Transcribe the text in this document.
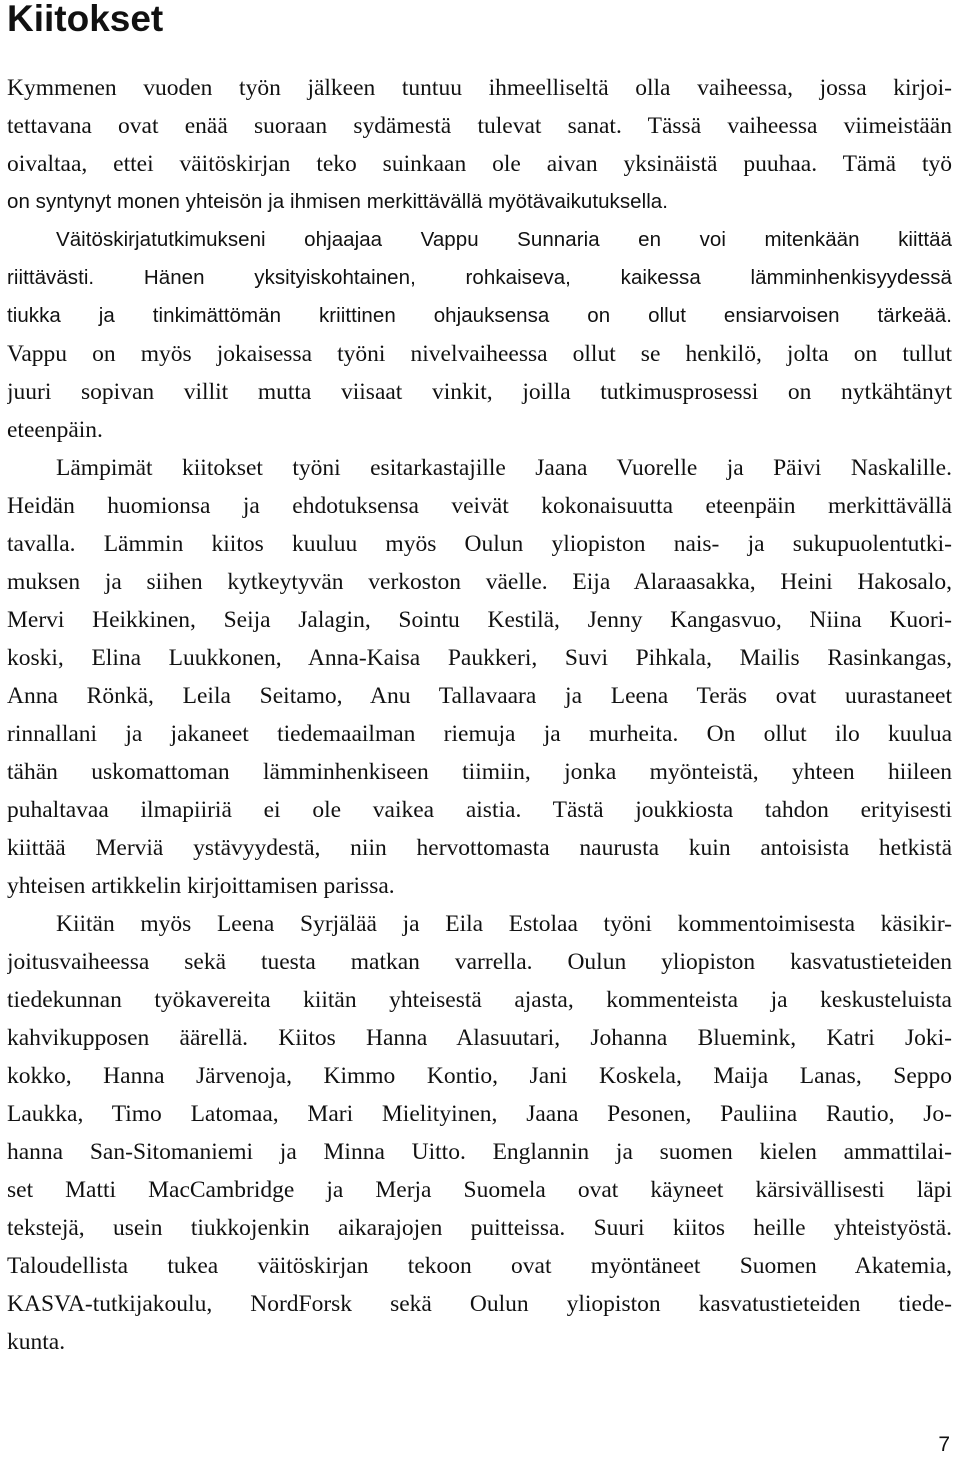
Kiitokset
Kymmenen vuoden työn jälkeen tuntuu ihmeelliseltä olla vaiheessa, jossa kirjoi-
tettavana ovat enää suoraan sydämestä tulevat sanat. Tässä vaiheessa viimeistään
oivaltaa, ettei väitöskirjan teko suinkaan ole aivan yksinäistä puuhaa. Tämä työ
on syntynyt monen yhteisön ja ihmisen merkittävällä myötävaikutuksella.
Väitöskirjatutkimukseni ohjaajaa Vappu Sunnaria en voi mitenkään kiittää
riittävästi. Hänen yksityiskohtainen, rohkaiseva, kaikessa lämminhenkisyydessä
tiukka ja tinkimättömän kriittinen ohjauksensa on ollut ensiarvoisen tärkeää.
Vappu on myös jokaisessa työni nivelvaiheessa ollut se henkilö, jolta on tullut
juuri sopivan villit mutta viisaat vinkit, joilla tutkimusprosessi on nytkähtänyt
eteenpäin.
Lämpimät kiitokset työni esitarkastajille Jaana Vuorelle ja Päivi Naskalille.
Heidän huomionsa ja ehdotuksensa veivät kokonaisuutta eteenpäin merkittävällä
tavalla. Lämmin kiitos kuuluu myös Oulun yliopiston nais- ja sukupuolentutki-
muksen ja siihen kytkeytyvän verkoston väelle. Eija Alaraasakka, Heini Hakosalo,
Mervi Heikkinen, Seija Jalagin, Sointu Kestilä, Jenny Kangasvuo, Niina Kuori-
koski, Elina Luukkonen, Anna-Kaisa Paukkeri, Suvi Pihkala, Mailis Rasinkangas,
Anna Rönkä, Leila Seitamo, Anu Tallavaara ja Leena Teräs ovat uurastaneet
rinnallani ja jakaneet tiedemaailman riemuja ja murheita. On ollut ilo kuulua
tähän uskomattoman lämminhenkiseen tiimiin, jonka myönteistä, yhteen hiileen
puhaltavaa ilmapiiriä ei ole vaikea aistia. Tästä joukkiosta tahdon erityisesti
kiittää Merviä ystävyydestä, niin hervottomasta naurusta kuin antoisista hetkistä
yhteisen artikkelin kirjoittamisen parissa.
Kiitän myös Leena Syrjälää ja Eila Estolaa työni kommentoimisesta käsikir-
joitusvaiheessa sekä tuesta matkan varrella. Oulun yliopiston kasvatustieteiden
tiedekunnan työkavereita kiitän yhteisestä ajasta, kommenteista ja keskusteluista
kahvikupposen äärellä. Kiitos Hanna Alasuutari, Johanna Bluemink, Katri Joki-
kokko, Hanna Järvenoja, Kimmo Kontio, Jani Koskela, Maija Lanas, Seppo
Laukka, Timo Latomaa, Mari Mielityinen, Jaana Pesonen, Pauliina Rautio, Jo-
hanna San-Sitomaniemi ja Minna Uitto. Englannin ja suomen kielen ammattilai-
set Matti MacCambridge ja Merja Suomela ovat käyneet kärsivällisesti läpi
tekstejä, usein tiukkojenkin aikarajojen puitteissa. Suuri kiitos heille yhteistyöstä.
Taloudellista tukea väitöskirjan tekoon ovat myöntäneet Suomen Akatemia,
KASVA-tutkijakoulu, NordForsk sekä Oulun yliopiston kasvatustieteiden tiede-
kunta.
7
